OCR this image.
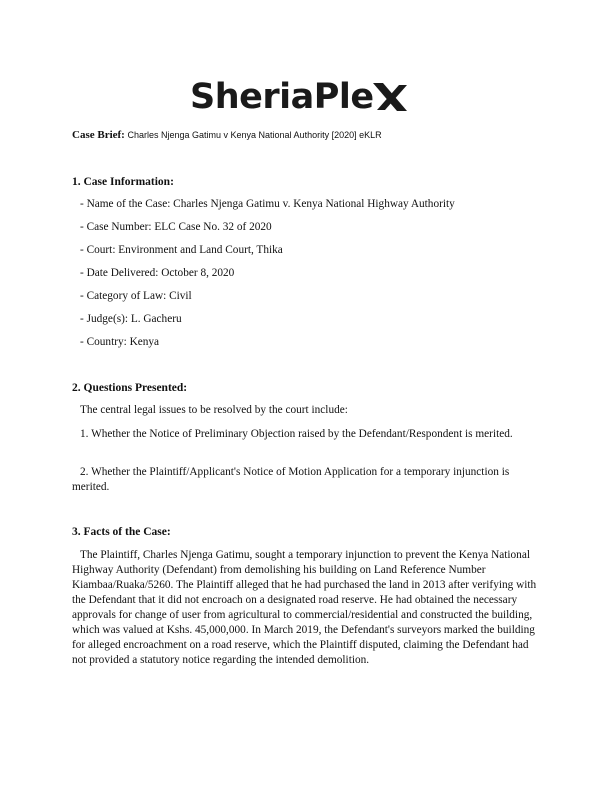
SheriaPle
Case Brief: Charles Njenga Gatimu v Kenya National Authority [2020] eKLR
1. Case Information:
- Name of the Case: Charles Njenga Gatimu v. Kenya National Highway Authority
- Case Number: ELC Case No. 32 of 2020
- Court: Environment and Land Court, Thika
- Date Delivered: October 8, 2020
- Category of Law: Civil
- Judge(s): L. Gacheru
- Country: Kenya
2. Questions Presented:
The central legal issues to be resolved by the court include:

1. Whether the Notice of Preliminary Objection raised by the Defendant/Respondent is merited.

2. Whether the Plaintiff/Applicant's Notice of Motion Application for a temporary injunction is merited.

3. Facts of the Case:

The Plaintiff, Charles Njenga Gatimu, sought a temporary injunction to prevent the Kenya National Highway Authority (Defendant) from demolishing his building on Land Reference Number Kiambaa/Ruaka/5260. The Plaintiff alleged that he had purchased the land in 2013 after verifying with the Defendant that it did not encroach on a designated road reserve. He had obtained the necessary approvals for change of user from agricultural to commercial/residential and constructed the building, which was valued at Kshs. 45,000,000. In March 2019, the Defendant's surveyors marked the building for alleged encroachment on a road reserve, which the Plaintiff disputed, claiming the Defendant had not provided a statutory notice regarding the intended demolition.
